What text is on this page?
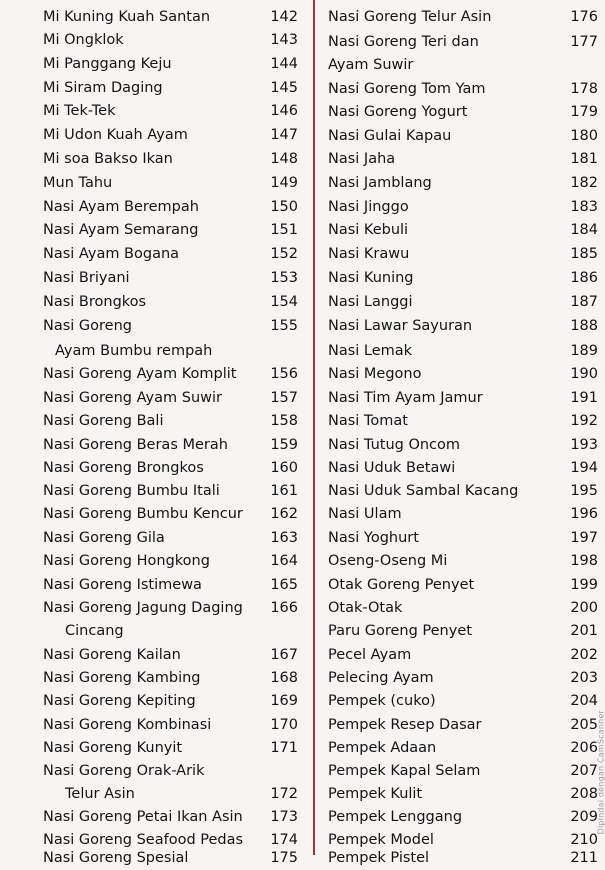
Mi Kuning Kuah Santan	142
Mi Ongklok	143
Mi Panggang Keju	144
Mi Siram Daging	145
Mi Tek-Tek	146
Mi Udon Kuah Ayam	147
Mi soa Bakso Ikan	148
Mun Tahu	149
Nasi Ayam Berempah	150
Nasi Ayam Semarang	151
Nasi Ayam Bogana	152
Nasi Briyani	153
Nasi Brongkos	154
Nasi Goreng	155
Ayam Bumbu rempah
Nasi Goreng Ayam Komplit	156
Nasi Goreng Ayam Suwir	157
Nasi Goreng Bali	158
Nasi Goreng Beras Merah	159
Nasi Goreng Brongkos	160
Nasi Goreng Bumbu Itali	161
Nasi Goreng Bumbu Kencur	162
Nasi Goreng Gila	163
Nasi Goreng Hongkong	164
Nasi Goreng Istimewa	165
Nasi Goreng Jagung Daging	166
Cincang
Nasi Goreng Kailan	167
Nasi Goreng Kambing	168
Nasi Goreng Kepiting	169
Nasi Goreng Kombinasi	170
Nasi Goreng Kunyit	171
Nasi Goreng Orak-Arik
Telur Asin	172
Nasi Goreng Petai Ikan Asin	173
Nasi Goreng Seafood Pedas	174
Nasi Goreng Spesial	175
Nasi Goreng Telur Asin	176
Nasi Goreng Teri dan	177
Ayam Suwir
Nasi Goreng Tom Yam	178
Nasi Goreng Yogurt	179
Nasi Gulai Kapau	180
Nasi Jaha	181
Nasi Jamblang	182
Nasi Jinggo	183
Nasi Kebuli	184
Nasi Krawu	185
Nasi Kuning	186
Nasi Langgi	187
Nasi Lawar Sayuran	188
Nasi Lemak	189
Nasi Megono	190
Nasi Tim Ayam Jamur	191
Nasi Tomat	192
Nasi Tutug Oncom	193
Nasi Uduk Betawi	194
Nasi Uduk Sambal Kacang	195
Nasi Ulam	196
Nasi Yoghurt	197
Oseng-Oseng Mi	198
Otak Goreng Penyet	199
Otak-Otak	200
Paru Goreng Penyet	201
Pecel Ayam	202
Pelecing Ayam	203
Pempek (cuko)	204
Pempek Resep Dasar	205
Pempek Adaan	206
Pempek Kapal Selam	207
Pempek Kulit	208
Pempek Lenggang	209
Pempek Model	210
Pempek Pistel	211
Dipindai dengan CamScanner
